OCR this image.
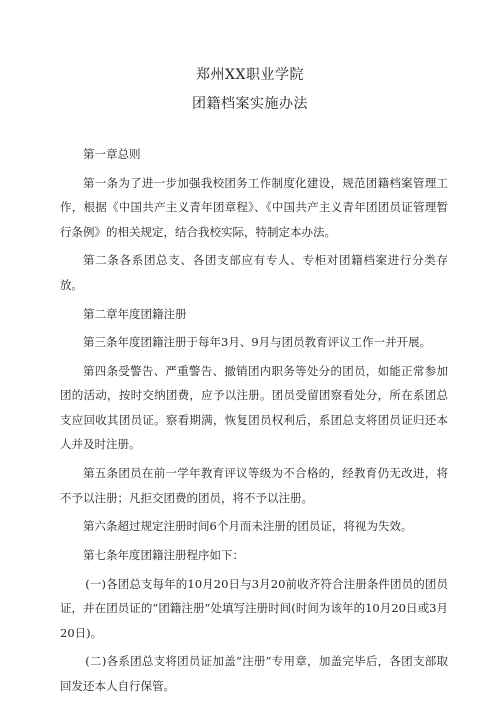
郑州XX职业学院
团籍档案实施办法

第一章总则

第一条为了进一步加强我校团务工作制度化建设，规范团籍档案管理工作，根据《中国共产主义青年团章程》、《中国共产主义青年团团员证管理暂行条例》的相关规定，结合我校实际，特制定本办法。

第二条各系团总支、各团支部应有专人、专柜对团籍档案进行分类存放。

第二章年度团籍注册

第三条年度团籍注册于每年3月、9月与团员教育评议工作一并开展。

第四条受警告、严重警告、撤销团内职务等处分的团员，如能正常参加团的活动，按时交纳团费，应予以注册。团员受留团察看处分，所在系团总支应回收其团员证。察看期满，恢复团员权利后，系团总支将团员证归还本人并及时注册。

第五条团员在前一学年教育评议等级为不合格的，经教育仍无改进，将不予以注册；凡拒交团费的团员，将不予以注册。

第六条超过规定注册时间6个月而未注册的团员证，将视为失效。

第七条年度团籍注册程序如下：

(一)各团总支每年的10月20日与3月20前收齐符合注册条件团员的团员证，并在团员证的“团籍注册”处填写注册时间(时间为该年的10月20日或3月20日)。

(二)各系团总支将团员证加盖“注册”专用章，加盖完毕后，各团支部取回发还本人自行保管。
